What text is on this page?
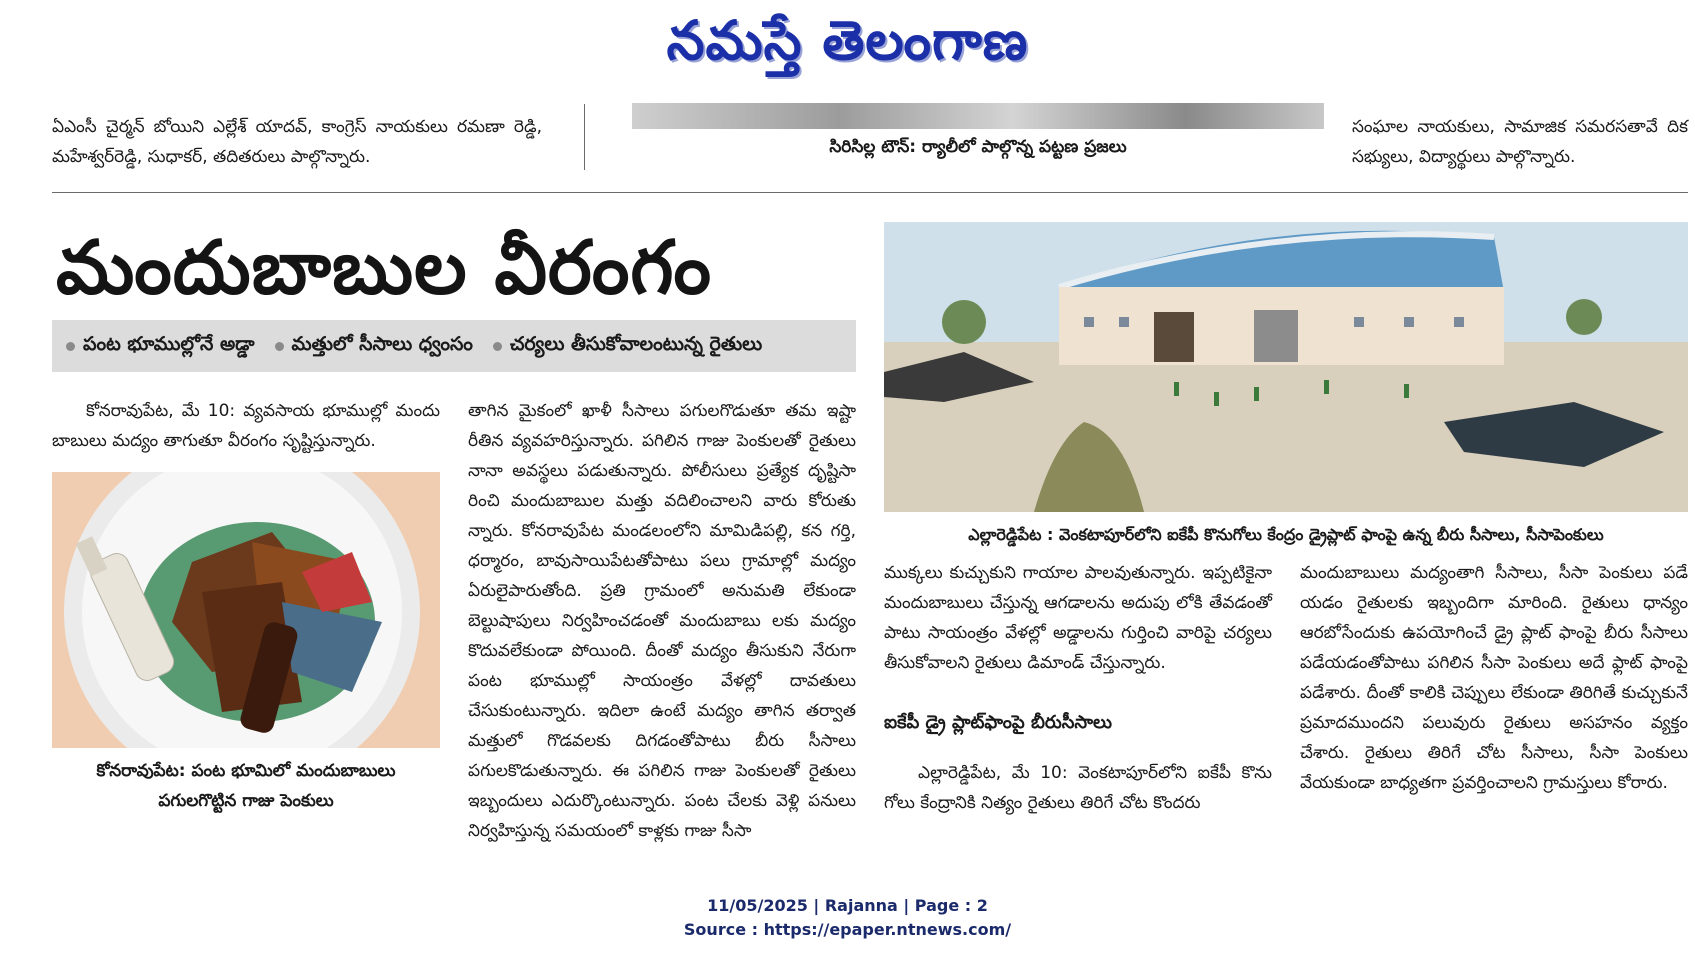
నమస్తే తెలంగాణ
ఏఎంసీ చైర్మన్ బోయిని ఎల్లేశ్ యాదవ్, కాంగ్రెస్ నాయకులు రమణా రెడ్డి, మహేశ్వర్‌రెడ్డి, సుధాకర్, తదితరులు పాల్గొన్నారు.	సిరిసిల్ల టౌన్: ర్యాలీలో పాల్గొన్న పట్టణ ప్రజలు
సంఘాల నాయకులు, సామాజిక సమరసతావే దిక సభ్యులు, విద్యార్థులు పాల్గొన్నారు.
మందుబాబుల వీరంగం
పంట భూముల్లోనే అడ్డా మత్తులో సీసాలు ధ్వంసం చర్యలు తీసుకోవాలంటున్న రైతులు
కోనరావుపేట, మే 10: వ్యవసాయ భూముల్లో మందు బాబులు మద్యం తాగుతూ వీరంగం సృష్టిస్తున్నారు.
కోనరావుపేట: పంట భూమిలో మందుబాబులు
పగులగొట్టిన గాజు పెంకులు
తాగిన మైకంలో ఖాళీ సీసాలు పగులగొడుతూ తమ ఇష్టా రీతిన వ్యవహరిస్తున్నారు. పగిలిన గాజు పెంకులతో రైతులు నానా అవస్థలు పడుతున్నారు. పోలీసులు ప్రత్యేక దృష్టిసా రించి మందుబాబుల మత్తు వదిలించాలని వారు కోరుతు న్నారు. కోనరావుపేట మండలంలోని మామిడిపల్లి, కన గర్తి, ధర్మారం, బావుసాయిపేటతోపాటు పలు గ్రామాల్లో మద్యం ఏరులైపారుతోంది. ప్రతి గ్రామంలో అనుమతి లేకుండా బెల్టుషాపులు నిర్వహించడంతో మందుబాబు లకు మద్యం కొదువలేకుండా పోయింది. దీంతో మద్యం తీసుకుని నేరుగా పంట భూముల్లో సాయంత్రం వేళల్లో దావతులు చేసుకుంటున్నారు. ఇదిలా ఉంటే మద్యం తాగిన తర్వాత మత్తులో గొడవలకు దిగడంతోపాటు బీరు సీసాలు పగులకొడుతున్నారు. ఈ పగిలిన గాజు పెంకులతో రైతులు ఇబ్బందులు ఎదుర్కొంటున్నారు. పంట చేలకు వెళ్లి పనులు నిర్వహిస్తున్న సమయంలో కాళ్లకు గాజు సీసా
ఎల్లారెడ్డిపేట : వెంకటాపూర్‌లోని ఐకేపీ కొనుగోలు కేంద్రం డ్రైప్లాట్ ఫాంపై ఉన్న బీరు సీసాలు, సీసాపెంకులు
ముక్కలు కుచ్చుకుని గాయాల పాలవుతున్నారు. ఇప్పటికైనా మందుబాబులు చేస్తున్న ఆగడాలను అదుపు లోకి తేవడంతో పాటు సాయంత్రం వేళల్లో అడ్డాలను గుర్తించి వారిపై చర్యలు తీసుకోవాలని రైతులు డిమాండ్ చేస్తున్నారు.
ఐకేపీ డ్రై ప్లాట్‌ఫాంపై బీరుసీసాలు
ఎల్లారెడ్డిపేట, మే 10: వెంకటాపూర్‌లోని ఐకేపీ కొను గోలు కేంద్రానికి నిత్యం రైతులు తిరిగే చోట కొందరు
మందుబాబులు మద్యంతాగి సీసాలు, సీసా పెంకులు పడే యడం రైతులకు ఇబ్బందిగా మారింది. రైతులు ధాన్యం ఆరబోసేందుకు ఉపయోగించే డ్రై ప్లాట్ ఫాంపై బీరు సీసాలు పడేయడంతోపాటు పగిలిన సీసా పెంకులు అదే ఫ్లాట్ ఫాంపై పడేశారు. దీంతో కాలికి చెప్పులు లేకుండా తిరిగితే కుచ్చుకునే ప్రమాదముందని పలువురు రైతులు అసహనం వ్యక్తం చేశారు. రైతులు తిరిగే చోట సీసాలు, సీసా పెంకులు వేయకుండా బాధ్యతగా ప్రవర్తించాలని గ్రామస్తులు కోరారు.
11/05/2025 | Rajanna | Page : 2
Source : https://epaper.ntnews.com/
